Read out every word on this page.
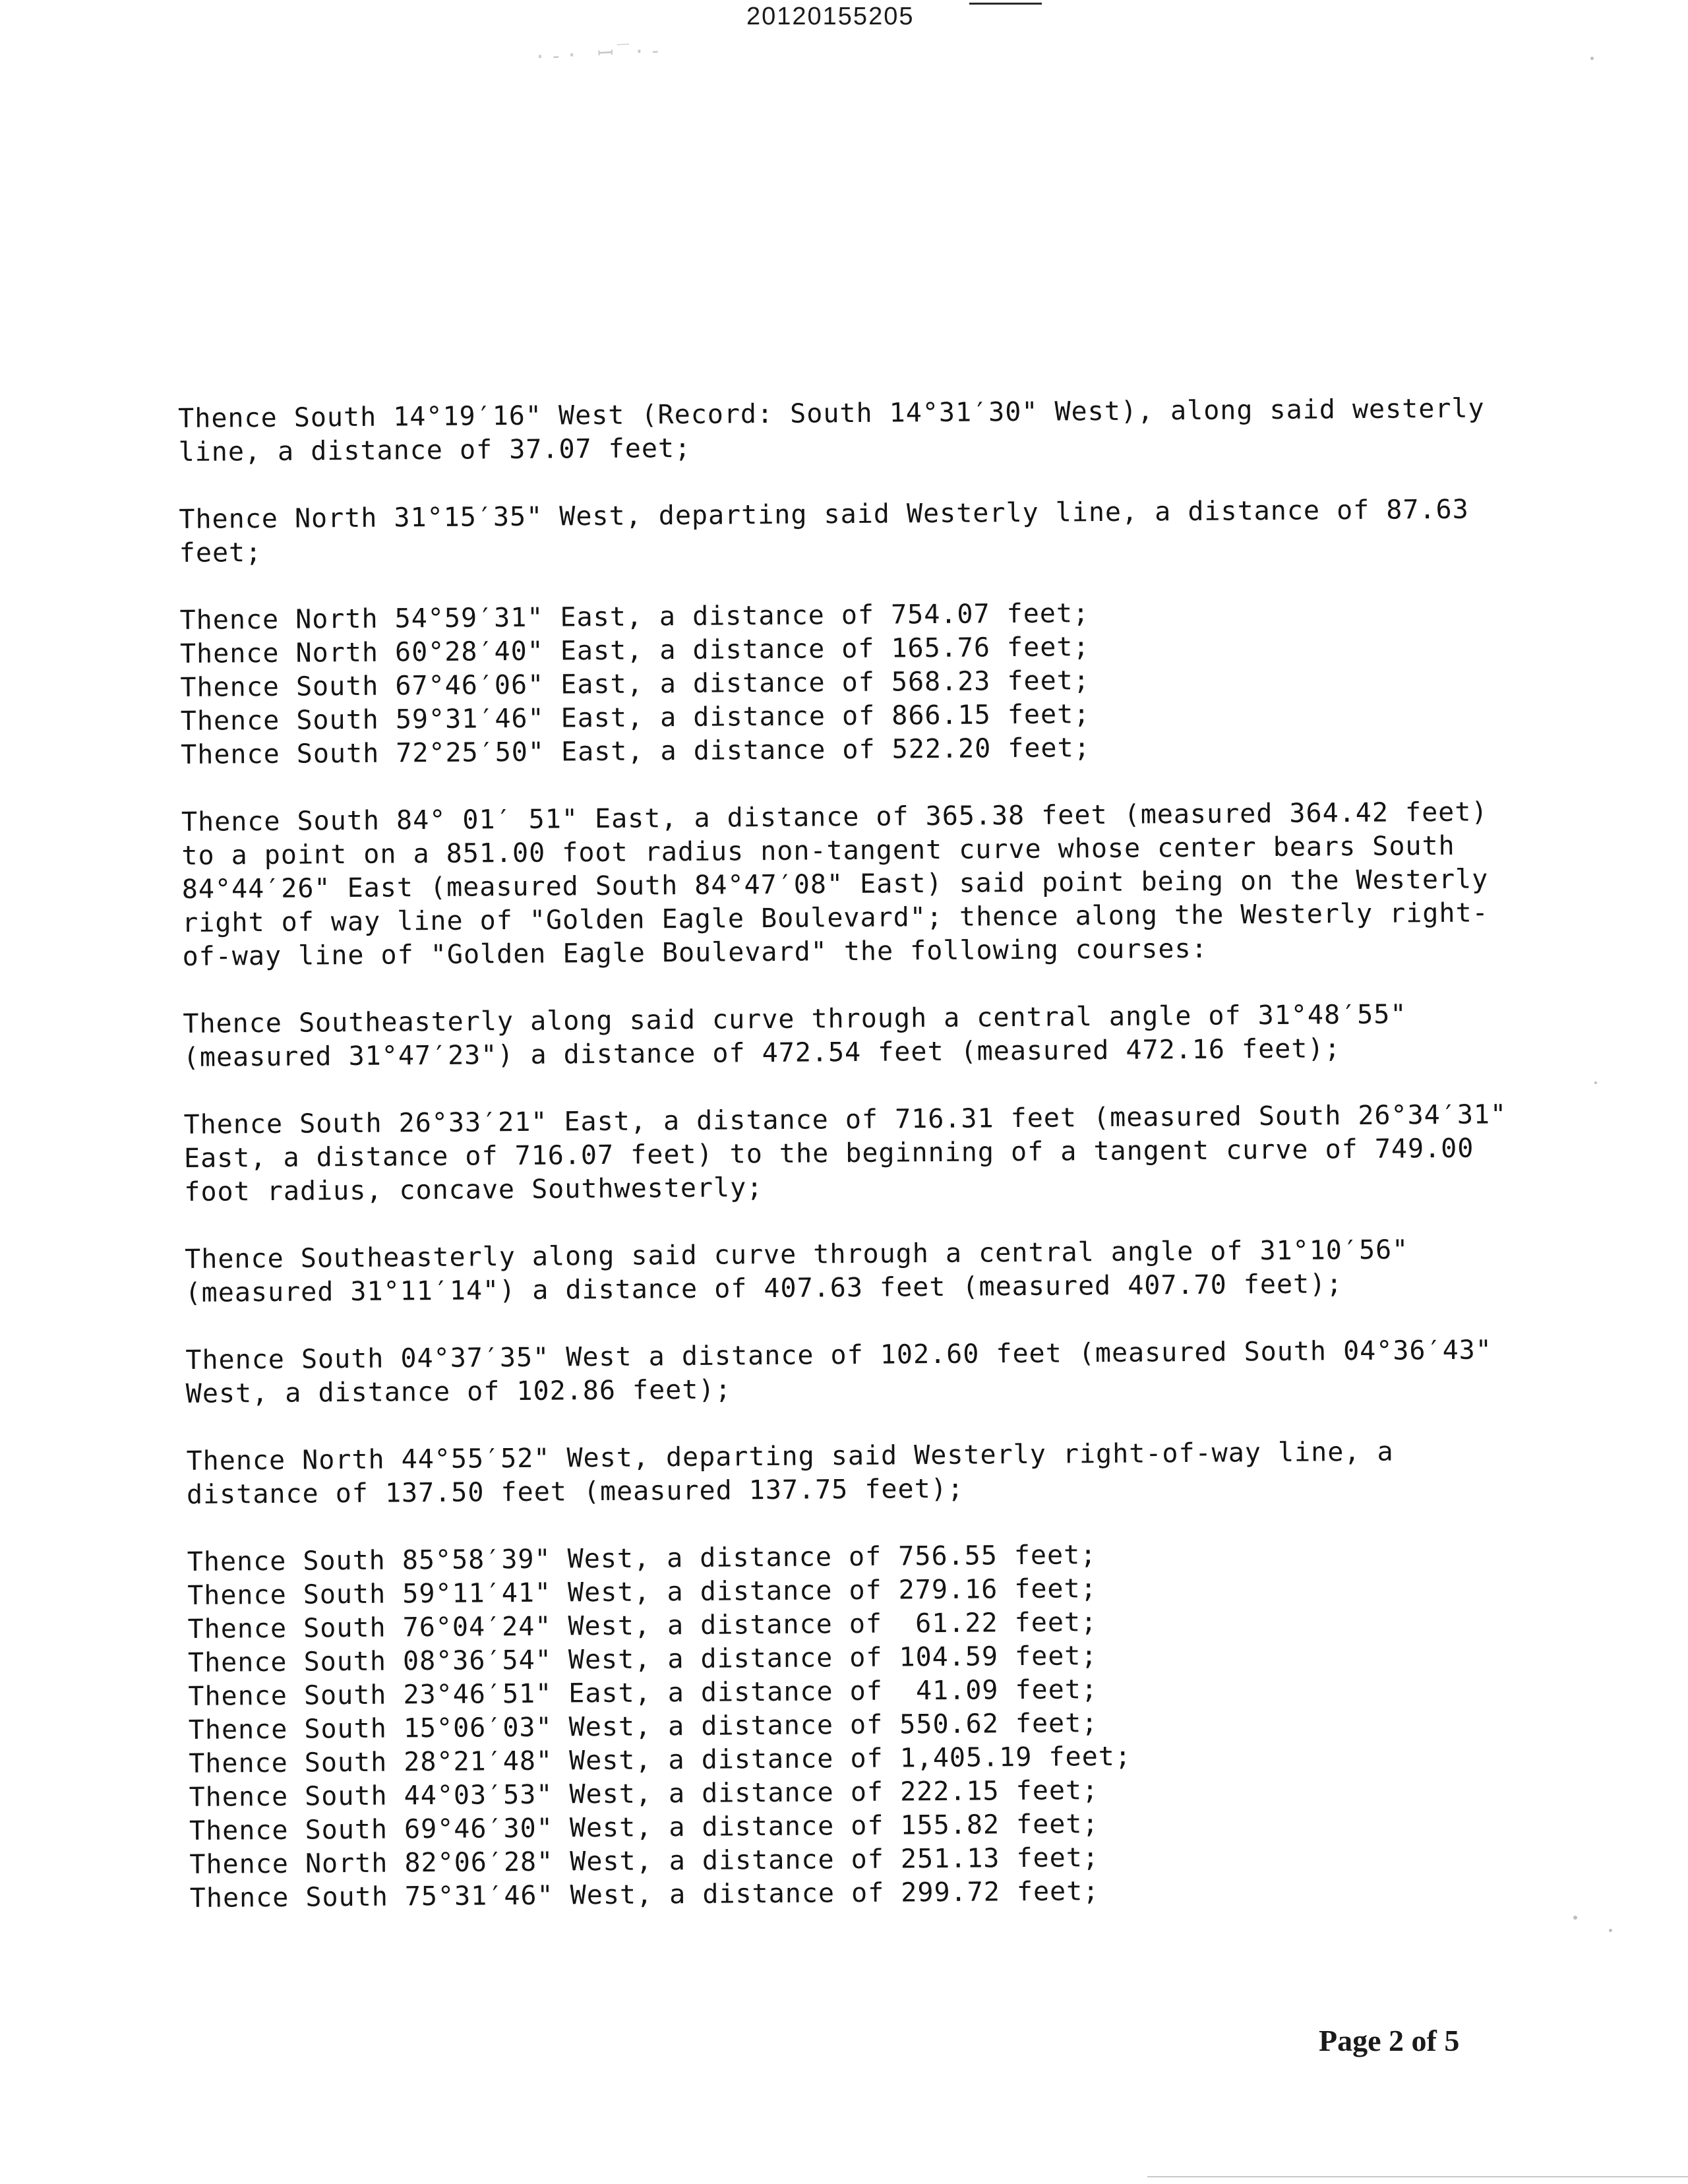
20120155205
·-· ꟷ‾·-

Thence South 14°19′16" West (Record: South 14°31′30" West), along said westerly line, a distance of 37.07 feet;

Thence North 31°15′35" West, departing said Westerly line, a distance of 87.63 feet;

Thence North 54°59′31" East, a distance of 754.07 feet;
Thence North 60°28′40" East, a distance of 165.76 feet;
Thence South 67°46′06" East, a distance of 568.23 feet;
Thence South 59°31′46" East, a distance of 866.15 feet;
Thence South 72°25′50" East, a distance of 522.20 feet;

Thence South 84° 01′ 51" East, a distance of 365.38 feet (measured 364.42 feet) to a point on a 851.00 foot radius non-tangent curve whose center bears South 84°44′26" East (measured South 84°47′08" East) said point being on the Westerly right of way line of "Golden Eagle Boulevard"; thence along the Westerly right-of-way line of "Golden Eagle Boulevard" the following courses:

Thence Southeasterly along said curve through a central angle of 31°48′55" (measured 31°47′23") a distance of 472.54 feet (measured 472.16 feet);

Thence South 26°33′21" East, a distance of 716.31 feet (measured South 26°34′31" East, a distance of 716.07 feet) to the beginning of a tangent curve of 749.00 foot radius, concave Southwesterly;

Thence Southeasterly along said curve through a central angle of 31°10′56" (measured 31°11′14") a distance of 407.63 feet (measured 407.70 feet);

Thence South 04°37′35" West a distance of 102.60 feet (measured South 04°36′43" West, a distance of 102.86 feet);

Thence North 44°55′52" West, departing said Westerly right-of-way line, a distance of 137.50 feet (measured 137.75 feet);

Thence South 85°58′39" West, a distance of 756.55 feet;
Thence South 59°11′41" West, a distance of 279.16 feet;
Thence South 76°04′24" West, a distance of  61.22 feet;
Thence South 08°36′54" West, a distance of 104.59 feet;
Thence South 23°46′51" East, a distance of  41.09 feet;
Thence South 15°06′03" West, a distance of 550.62 feet;
Thence South 28°21′48" West, a distance of 1,405.19 feet;
Thence South 44°03′53" West, a distance of 222.15 feet;
Thence South 69°46′30" West, a distance of 155.82 feet;
Thence North 82°06′28" West, a distance of 251.13 feet;
Thence South 75°31′46" West, a distance of 299.72 feet;
Page 2 of 5
